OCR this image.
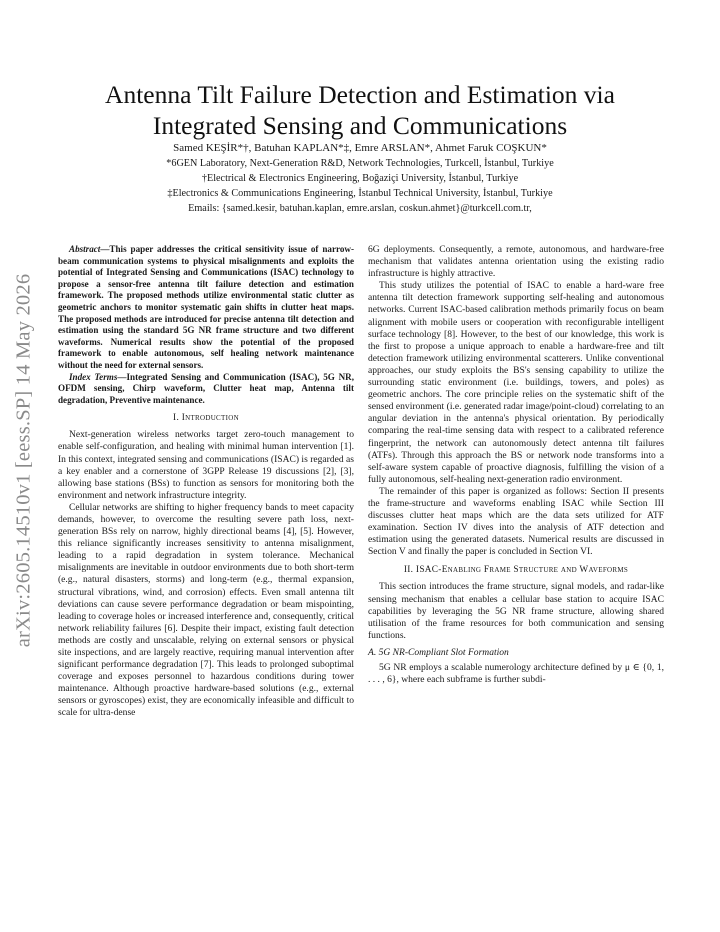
arXiv:2605.14510v1 [eess.SP] 14 May 2026
Antenna Tilt Failure Detection and Estimation via Integrated Sensing and Communications
Samed KEŞİR*†, Batuhan KAPLAN*‡, Emre ARSLAN*, Ahmet Faruk COŞKUN*
*6GEN Laboratory, Next-Generation R&D, Network Technologies, Turkcell, İstanbul, Turkiye
†Electrical & Electronics Engineering, Boğaziçi University, İstanbul, Turkiye
‡Electronics & Communications Engineering, İstanbul Technical University, İstanbul, Turkiye
Emails: {samed.kesir, batuhan.kaplan, emre.arslan, coskun.ahmet}@turkcell.com.tr,

Abstract—This paper addresses the critical sensitivity issue of narrow-beam communication systems to physical misalignments and exploits the potential of Integrated Sensing and Communications (ISAC) technology to propose a sensor-free antenna tilt failure detection and estimation framework. The proposed methods utilize environmental static clutter as geometric anchors to monitor systematic gain shifts in clutter heat maps. The proposed methods are introduced for precise antenna tilt detection and estimation using the standard 5G NR frame structure and two different waveforms. Numerical results show the potential of the proposed framework to enable autonomous, self healing network maintenance without the need for external sensors.

Index Terms—Integrated Sensing and Communication (ISAC), 5G NR, OFDM sensing, Chirp waveform, Clutter heat map, Antenna tilt degradation, Preventive maintenance.

I. Introduction

Next-generation wireless networks target zero-touch management to enable self-configuration, and healing with minimal human intervention [1]. In this context, integrated sensing and communications (ISAC) is regarded as a key enabler and a cornerstone of 3GPP Release 19 discussions [2], [3], allowing base stations (BSs) to function as sensors for monitoring both the environment and network infrastructure integrity.

Cellular networks are shifting to higher frequency bands to meet capacity demands, however, to overcome the resulting severe path loss, next-generation BSs rely on narrow, highly directional beams [4], [5]. However, this reliance significantly increases sensitivity to antenna misalignment, leading to a rapid degradation in system tolerance. Mechanical misalignments are inevitable in outdoor environments due to both short-term (e.g., natural disasters, storms) and long-term (e.g., thermal expansion, structural vibrations, wind, and corrosion) effects. Even small antenna tilt deviations can cause severe performance degradation or beam mispointing, leading to coverage holes or increased interference and, consequently, critical network reliability failures [6]. Despite their impact, existing fault detection methods are costly and unscalable, relying on external sensors or physical site inspections, and are largely reactive, requiring manual intervention after significant performance degradation [7]. This leads to prolonged suboptimal coverage and exposes personnel to hazardous conditions during tower maintenance. Although proactive hardware-based solutions (e.g., external sensors or gyroscopes) exist, they are economically infeasible and difficult to scale for ultra-dense

6G deployments. Consequently, a remote, autonomous, and hardware-free mechanism that validates antenna orientation using the existing radio infrastructure is highly attractive.

This study utilizes the potential of ISAC to enable a hard-ware free antenna tilt detection framework supporting self-healing and autonomous networks. Current ISAC-based calibration methods primarily focus on beam alignment with mobile users or cooperation with reconfigurable intelligent surface technology [8]. However, to the best of our knowledge, this work is the first to propose a unique approach to enable a hardware-free and tilt detection framework utilizing environmental scatterers. Unlike conventional approaches, our study exploits the BS's sensing capability to utilize the surrounding static environment (i.e. buildings, towers, and poles) as geometric anchors. The core principle relies on the systematic shift of the sensed environment (i.e. generated radar image/point-cloud) correlating to an angular deviation in the antenna's physical orientation. By periodically comparing the real-time sensing data with respect to a calibrated reference fingerprint, the network can autonomously detect antenna tilt failures (ATFs). Through this approach the BS or network node transforms into a self-aware system capable of proactive diagnosis, fulfilling the vision of a fully autonomous, self-healing next-generation radio environment.

The remainder of this paper is organized as follows: Section II presents the frame-structure and waveforms enabling ISAC while Section III discusses clutter heat maps which are the data sets utilized for ATF examination. Section IV dives into the analysis of ATF detection and estimation using the generated datasets. Numerical results are discussed in Section V and finally the paper is concluded in Section VI.

II. ISAC-Enabling Frame Structure and Waveforms

This section introduces the frame structure, signal models, and radar-like sensing mechanism that enables a cellular base station to acquire ISAC capabilities by leveraging the 5G NR frame structure, allowing shared utilisation of the frame resources for both communication and sensing functions.

A. 5G NR-Compliant Slot Formation

5G NR employs a scalable numerology architecture defined by μ ∈ {0, 1, . . . , 6}, where each subframe is further subdi-
